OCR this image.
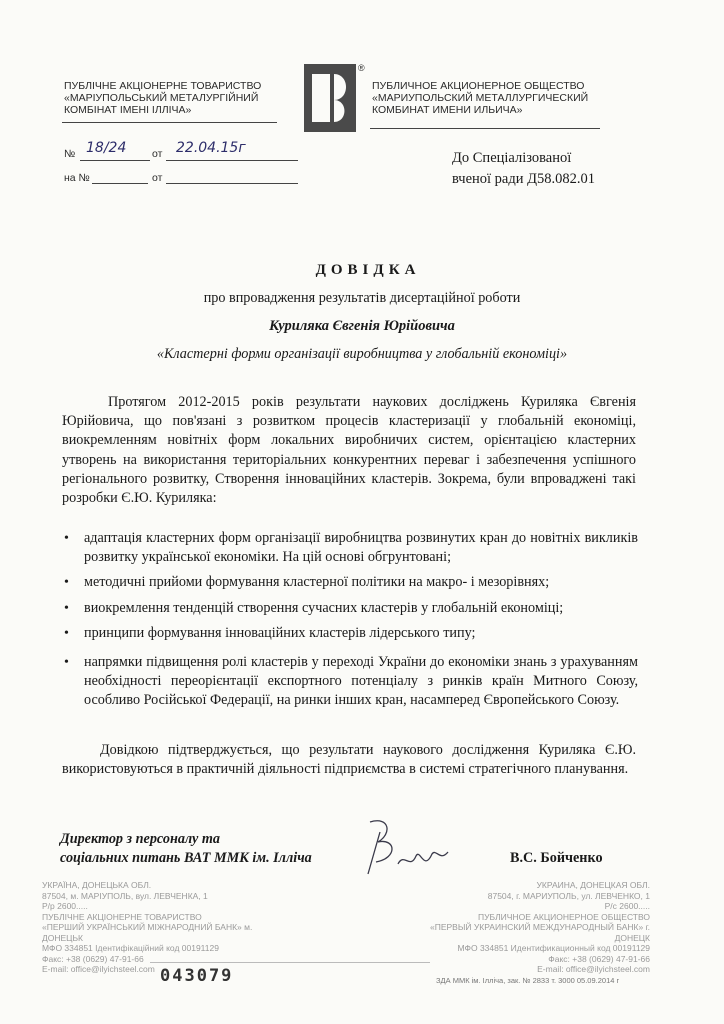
ПУБЛІЧНЕ АКЦІОНЕРНЕ ТОВАРИСТВО
«МАРІУПОЛЬСЬКИЙ МЕТАЛУРГІЙНИЙ
КОМБІНАТ ІМЕНІ ІЛЛІЧА»
®
ПУБЛИЧНОЕ АКЦИОНЕРНОЕ ОБЩЕСТВО
«МАРИУПОЛЬСКИЙ МЕТАЛЛУРГИЧЕСКИЙ
КОМБИНАТ ИМЕНИ ИЛЬИЧА»
№ 18/24 от 22.04.15г
на №	от
До Спеціалізованої
вченої ради Д58.082.01
ДОВІДКА
про впровадження результатів дисертаційної роботи
Куриляка Євгенія Юрійовича
«Кластерні форми організації виробництва у глобальній економіці»
Протягом 2012-2015 років результати наукових досліджень Куриляка Євгенія Юрійовича, що пов'язані з розвитком процесів кластеризації у глобальній економіці, виокремленням новітніх форм локальних виробничих систем, орієнтацією кластерних утворень на використання територіальних конкурентних переваг і забезпечення успішного регіонального розвитку, Створення інноваційних кластерів. Зокрема, були впроваджені такі розробки Є.Ю. Куриляка:
• адаптація кластерних форм організації виробництва розвинутих кран до новітніх викликів розвитку української економіки. На цій основі обгрунтовані;
• методичні прийоми формування кластерної політики на макро- і мезорівнях;
• виокремлення тенденцій створення сучасних кластерів у глобальній економіці;
• принципи формування інноваційних кластерів лідерського типу;
• напрямки підвищення ролі кластерів у переході України до економіки знань з урахуванням необхідності переорієнтації експортного потенціалу з ринків країн Митного Союзу, особливо Російської Федерації, на ринки інших кран, насамперед Європейського Союзу.
Довідкою підтверджується, що результати наукового дослідження Куриляка Є.Ю. використовуються в практичній діяльності підприємства в системі стратегічного планування.
Директор з персоналу та
соціальних питань ВАТ ММК ім. Ілліча	В.С. Бойченко
УКРАЇНА, ДОНЕЦЬКА ОБЛ.
87504, м. МАРІУПОЛЬ, вул. ЛЕВЧЕНКА, 1
Р/р 2600.....
ПУБЛІЧНЕ АКЦІОНЕРНЕ ТОВАРИСТВО
«ПЕРШИЙ УКРАЇНСЬКИЙ МІЖНАРОДНИЙ БАНК» м. ДОНЕЦЬК
МФО 334851 Ідентифікаційний код 00191129
Факс: +38 (0629) 47-91-66
E-mail: office@ilyichsteel.com
УКРАИНА, ДОНЕЦКАЯ ОБЛ.
87504, г. МАРИУПОЛЬ, ул. ЛЕВЧЕНКО, 1
Р/с 2600.....
ПУБЛИЧНОЕ АКЦИОНЕРНОЕ ОБЩЕСТВО
«ПЕРВЫЙ УКРАИНСКИЙ МЕЖДУНАРОДНЫЙ БАНК» г. ДОНЕЦК
МФО 334851 Идентификационный код 00191129
Факс: +38 (0629) 47-91-66
E-mail: office@ilyichsteel.com
043079	ЗДА ММК ім. Ілліча, зак. № 2833 т. 3000 05.09.2014 г
